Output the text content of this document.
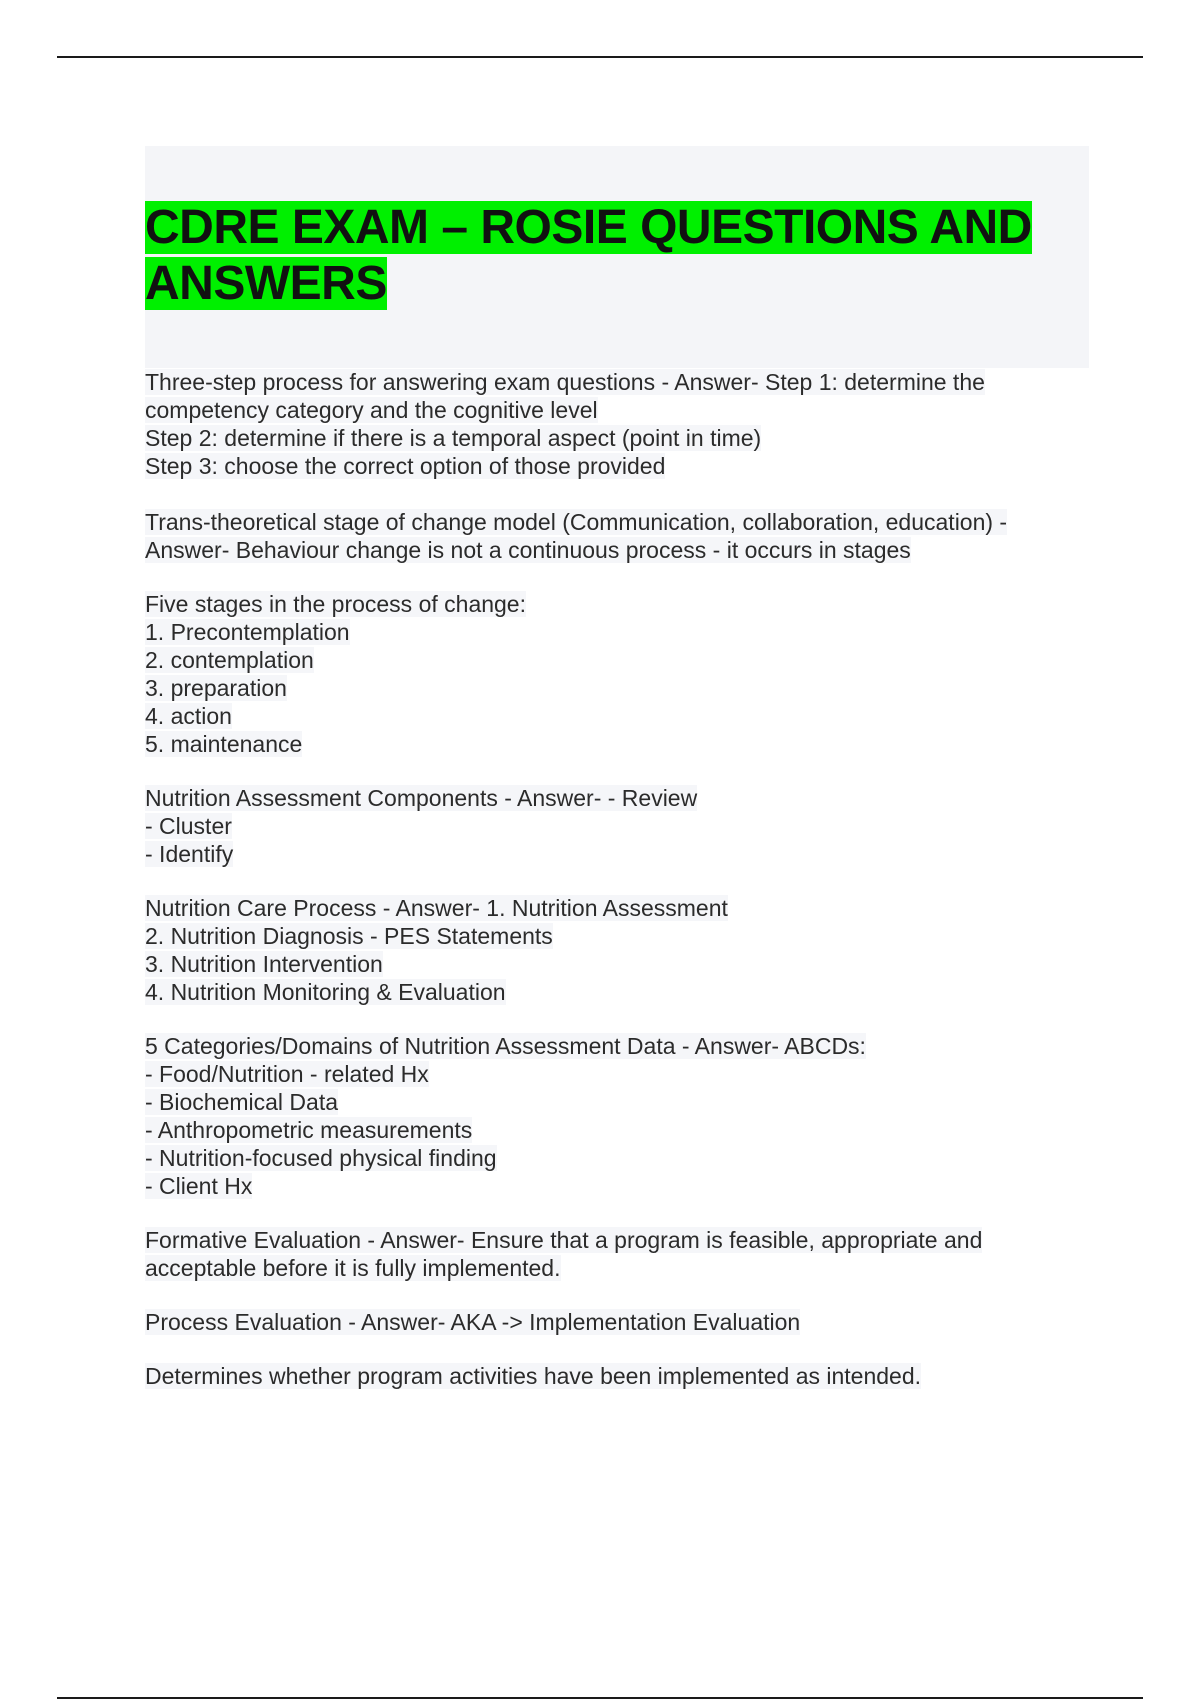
CDRE EXAM – ROSIE QUESTIONS AND
ANSWERS
Three-step process for answering exam questions - Answer- Step 1: determine the
competency category and the cognitive level
Step 2: determine if there is a temporal aspect (point in time)
Step 3: choose the correct option of those provided
Trans-theoretical stage of change model (Communication, collaboration, education) -
Answer- Behaviour change is not a continuous process - it occurs in stages
Five stages in the process of change:
1. Precontemplation
2. contemplation
3. preparation
4. action
5. maintenance
Nutrition Assessment Components - Answer- - Review
- Cluster
- Identify
Nutrition Care Process - Answer- 1. Nutrition Assessment
2. Nutrition Diagnosis - PES Statements
3. Nutrition Intervention
4. Nutrition Monitoring & Evaluation
5 Categories/Domains of Nutrition Assessment Data - Answer- ABCDs:
- Food/Nutrition - related Hx
- Biochemical Data
- Anthropometric measurements
- Nutrition-focused physical finding
- Client Hx
Formative Evaluation - Answer- Ensure that a program is feasible, appropriate and
acceptable before it is fully implemented.
Process Evaluation - Answer- AKA -> Implementation Evaluation
Determines whether program activities have been implemented as intended.
